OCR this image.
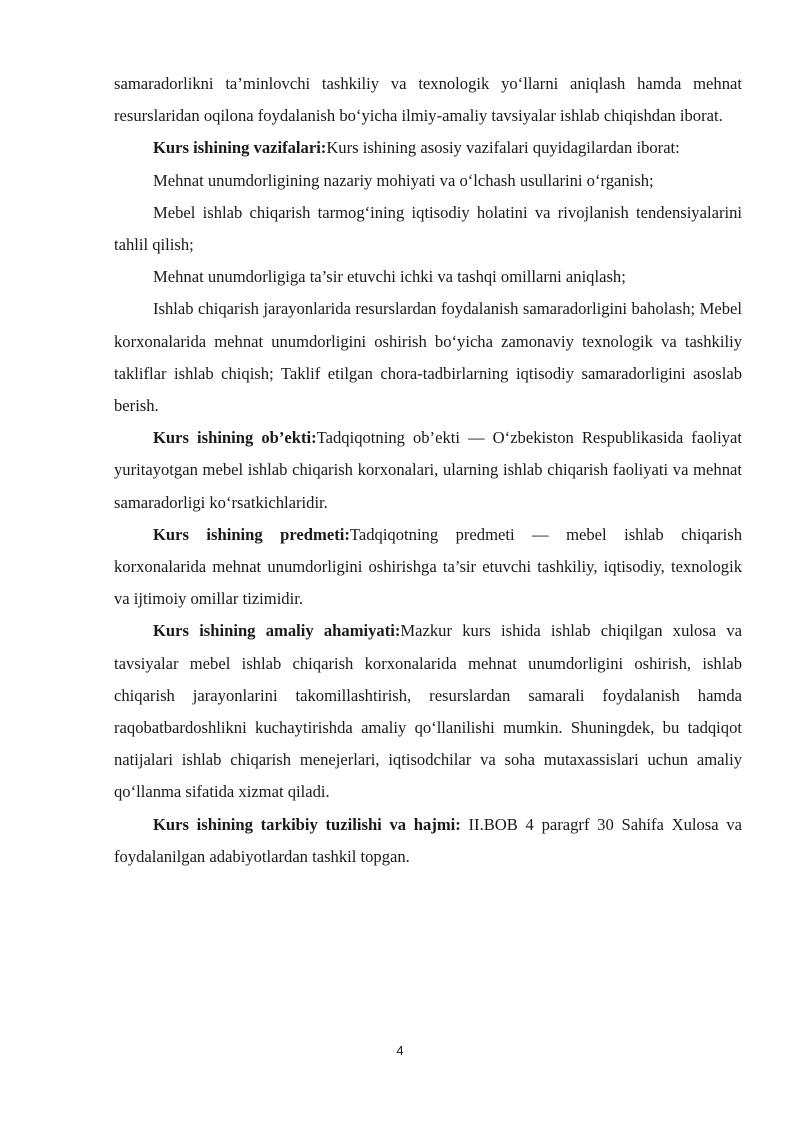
samaradorlikni ta’minlovchi tashkiliy va texnologik yo‘llarni aniqlash hamda mehnat resurslaridan oqilona foydalanish bo‘yicha ilmiy-amaliy tavsiyalar ishlab chiqishdan iborat.

Kurs ishining vazifalari:Kurs ishining asosiy vazifalari quyidagilardan iborat:

Mehnat unumdorligining nazariy mohiyati va o‘lchash usullarini o‘rganish;

Mebel ishlab chiqarish tarmog‘ining iqtisodiy holatini va rivojlanish tendensiyalarini tahlil qilish;

Mehnat unumdorligiga ta’sir etuvchi ichki va tashqi omillarni aniqlash;

Ishlab chiqarish jarayonlarida resurslardan foydalanish samaradorligini baholash; Mebel korxonalarida mehnat unumdorligini oshirish bo‘yicha zamonaviy texnologik va tashkiliy takliflar ishlab chiqish; Taklif etilgan chora-tadbirlarning iqtisodiy samaradorligini asoslab berish.

Kurs ishining ob’ekti:Tadqiqotning ob’ekti — O‘zbekiston Respublikasida faoliyat yuritayotgan mebel ishlab chiqarish korxonalari, ularning ishlab chiqarish faoliyati va mehnat samaradorligi ko‘rsatkichlaridir.

Kurs ishining predmeti:Tadqiqotning predmeti — mebel ishlab chiqarish korxonalarida mehnat unumdorligini oshirishga ta’sir etuvchi tashkiliy, iqtisodiy, texnologik va ijtimoiy omillar tizimidir.

Kurs ishining amaliy ahamiyati:Mazkur kurs ishida ishlab chiqilgan xulosa va tavsiyalar mebel ishlab chiqarish korxonalarida mehnat unumdorligini oshirish, ishlab chiqarish jarayonlarini takomillashtirish, resurslardan samarali foydalanish hamda raqobatbardoshlikni kuchaytirishda amaliy qo‘llanilishi mumkin. Shuningdek, bu tadqiqot natijalari ishlab chiqarish menejerlari, iqtisodchilar va soha mutaxassislari uchun amaliy qo‘llanma sifatida xizmat qiladi.

Kurs ishining tarkibiy tuzilishi va hajmi: II.BOB 4 paragrf 30 Sahifa Xulosa va foydalanilgan adabiyotlardan tashkil topgan.

4
